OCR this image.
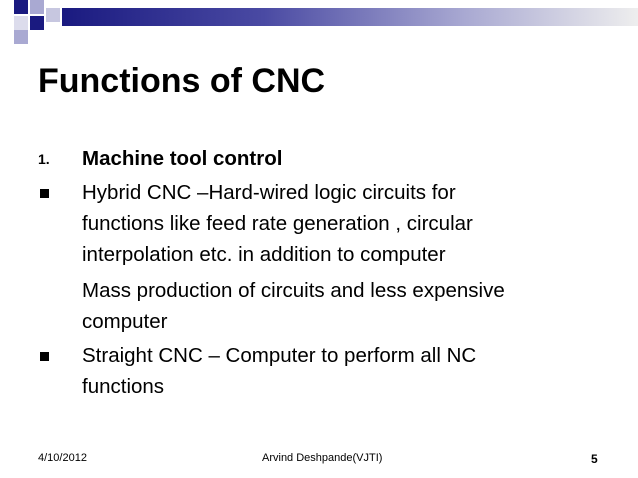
Functions of CNC
1. Machine tool control
Hybrid CNC –Hard-wired logic circuits for
functions like feed rate generation , circular
interpolation etc. in addition to computer
Mass production of circuits and less expensive
computer
Straight CNC – Computer to perform all NC
functions
4/10/2012	Arvind Deshpande(VJTI)	5
